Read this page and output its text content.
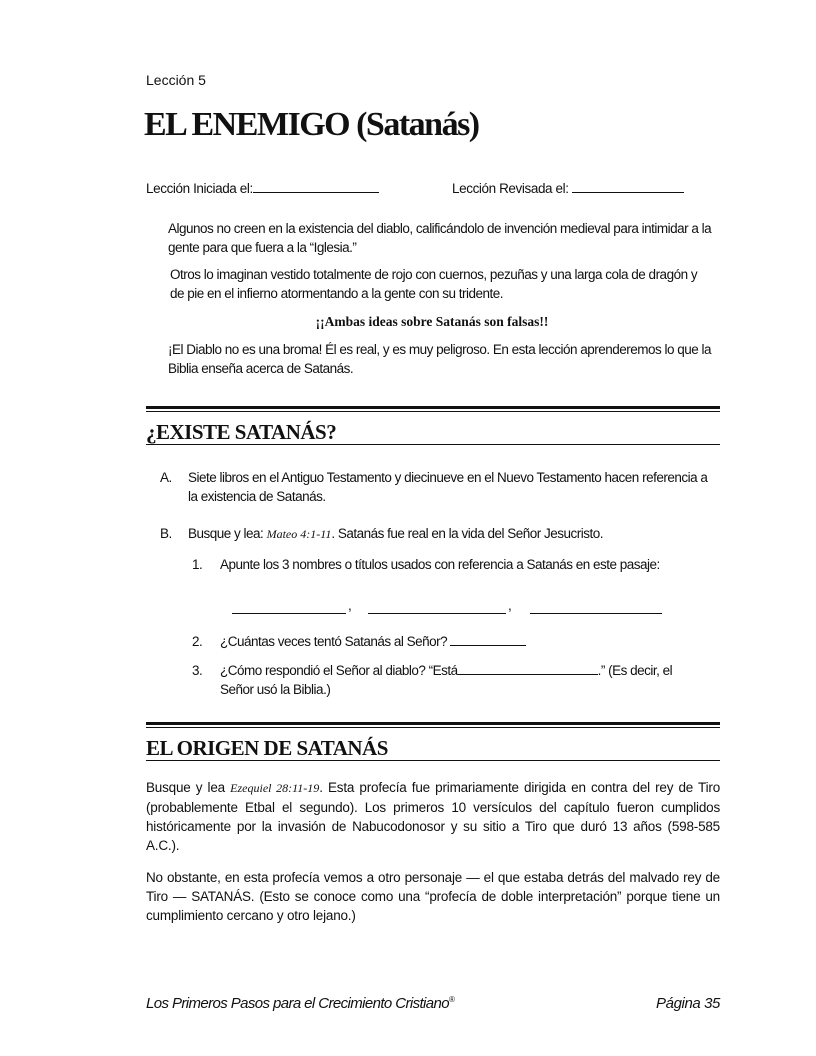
Lección 5
EL ENEMIGO (Satanás)
Lección Iniciada el:	Lección Revisada el:

Algunos no creen en la existencia del diablo, calificándolo de invención medieval para intimidar a la gente para que fuera a la “Iglesia.”

Otros lo imaginan vestido totalmente de rojo con cuernos, pezuñas y una larga cola de dragón y de pie en el infierno atormentando a la gente con su tridente.

¡¡Ambas ideas sobre Satanás son falsas!!

¡El Diablo no es una broma! Él es real, y es muy peligroso. En esta lección aprenderemos lo que la Biblia enseña acerca de Satanás.

¿EXISTE SATANÁS?
A. Siete libros en el Antiguo Testamento y diecinueve en el Nuevo Testamento hacen referencia a la existencia de Satanás.
B. Busque y lea: Mateo 4:1-11. Satanás fue real en la vida del Señor Jesucristo.
1. Apunte los 3 nombres o títulos usados con referencia a Satanás en este pasaje:
,	,
2. ¿Cuántas veces tentó Satanás al Señor?
3. ¿Cómo respondió el Señor al diablo? “Está	.” (Es decir, el Señor usó la Biblia.)
EL ORIGEN DE SATANÁS

Busque y lea Ezequiel 28:11-19. Esta profecía fue primariamente dirigida en contra del rey de Tiro (probablemente Etbal el segundo). Los primeros 10 versículos del capítulo fueron cumplidos históricamente por la invasión de Nabucodonosor y su sitio a Tiro que duró 13 años (598-585 A.C.).

No obstante, en esta profecía vemos a otro personaje — el que estaba detrás del malvado rey de Tiro — SATANÁS. (Esto se conoce como una “profecía de doble interpretación” porque tiene un cumplimiento cercano y otro lejano.)

Los Primeros Pasos para el Crecimiento Cristiano®	Página 35
